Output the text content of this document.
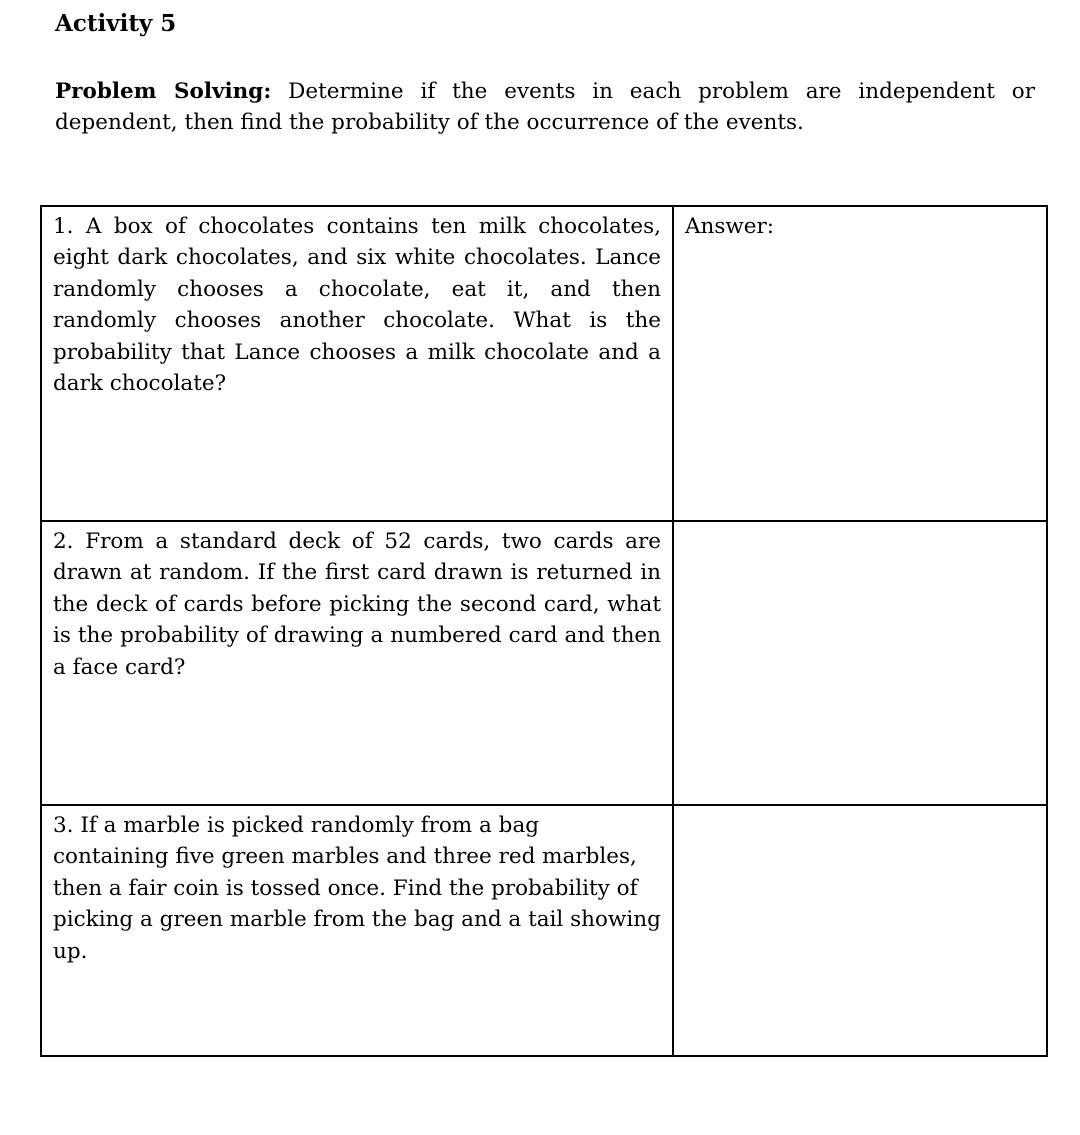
Activity 5

Problem Solving: Determine if the events in each problem are independent or dependent, then find the probability of the occurrence of the events.

1. A box of chocolates contains ten milk chocolates, eight dark chocolates, and six white chocolates. Lance randomly chooses a chocolate, eat it, and then randomly chooses another chocolate. What is the probability that Lance chooses a milk chocolate and a dark chocolate?	Answer:
2. From a standard deck of 52 cards, two cards are drawn at random. If the first card drawn is returned in the deck of cards before picking the second card, what is the probability of drawing a numbered card and then a face card?	
3. If a marble is picked randomly from a bag containing five green marbles and three red marbles, then a fair coin is tossed once. Find the probability of picking a green marble from the bag and a tail showing up.	
